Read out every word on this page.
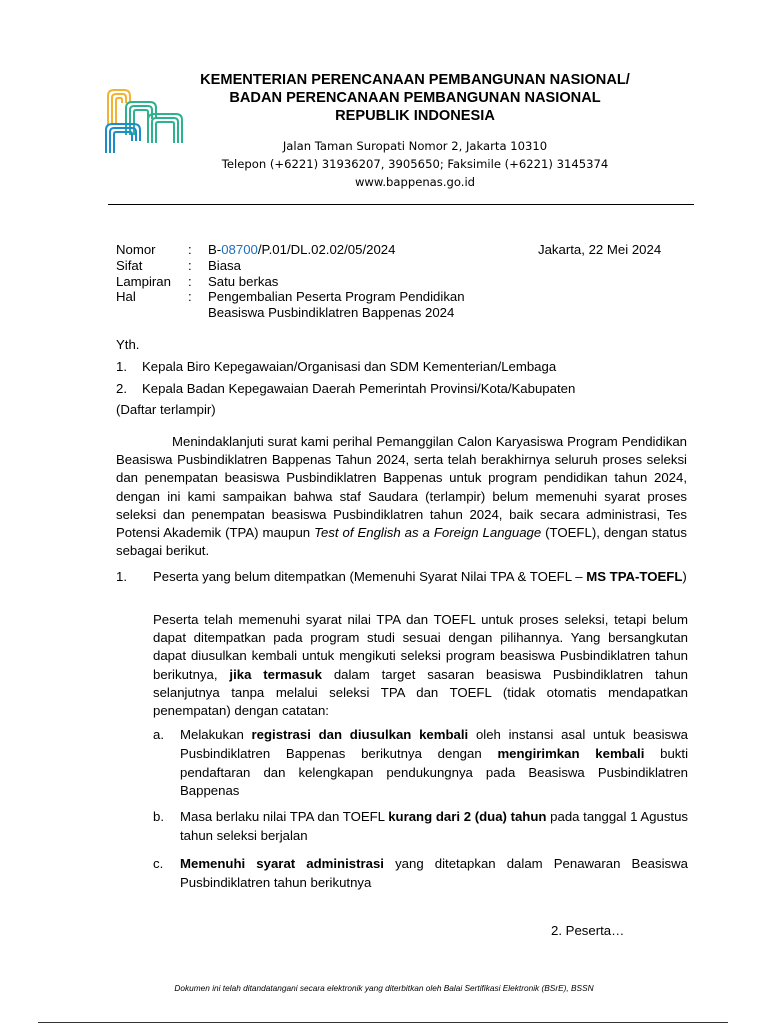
KEMENTERIAN PERENCANAAN PEMBANGUNAN NASIONAL/
BADAN PERENCANAAN PEMBANGUNAN NASIONAL
REPUBLIK INDONESIA
Jalan Taman Suropati Nomor 2, Jakarta 10310
Telepon (+6221) 31936207, 3905650; Faksimile (+6221) 3145374
www.bappenas.go.id
Nomor	:	B-08700/P.01/DL.02.02/05/2024
Sifat	:	Biasa
Lampiran	:	Satu berkas
Hal	:	Pengembalian Peserta Program Pendidikan
Beasiswa Pusbindiklatren Bappenas 2024
Jakarta, 22 Mei 2024
Yth.
1.	Kepala Biro Kepegawaian/Organisasi dan SDM Kementerian/Lembaga
2.	Kepala Badan Kepegawaian Daerah Pemerintah Provinsi/Kota/Kabupaten
(Daftar terlampir)
Menindaklanjuti surat kami perihal Pemanggilan Calon Karyasiswa Program Pendidikan Beasiswa Pusbindiklatren Bappenas Tahun 2024, serta telah berakhirnya seluruh proses seleksi dan penempatan beasiswa Pusbindiklatren Bappenas untuk program pendidikan tahun 2024, dengan ini kami sampaikan bahwa staf Saudara (terlampir) belum memenuhi syarat proses seleksi dan penempatan beasiswa Pusbindiklatren tahun 2024, baik secara administrasi, Tes Potensi Akademik (TPA) maupun Test of English as a Foreign Language (TOEFL), dengan status sebagai berikut.
1.	Peserta yang belum ditempatkan (Memenuhi Syarat Nilai TPA & TOEFL – MS TPA-TOEFL)
Peserta telah memenuhi syarat nilai TPA dan TOEFL untuk proses seleksi, tetapi belum dapat ditempatkan pada program studi sesuai dengan pilihannya. Yang bersangkutan dapat diusulkan kembali untuk mengikuti seleksi program beasiswa Pusbindiklatren tahun berikutnya, jika termasuk dalam target sasaran beasiswa Pusbindiklatren tahun selanjutnya tanpa melalui seleksi TPA dan TOEFL (tidak otomatis mendapatkan penempatan) dengan catatan:
a.	Melakukan registrasi dan diusulkan kembali oleh instansi asal untuk beasiswa Pusbindiklatren Bappenas berikutnya dengan mengirimkan kembali bukti pendaftaran dan kelengkapan pendukungnya pada Beasiswa Pusbindiklatren Bappenas
b.	Masa berlaku nilai TPA dan TOEFL kurang dari 2 (dua) tahun pada tanggal 1 Agustus tahun seleksi berjalan
c.	Memenuhi syarat administrasi yang ditetapkan dalam Penawaran Beasiswa Pusbindiklatren tahun berikutnya
2. Peserta…
Dokumen ini telah ditandatangani secara elektronik yang diterbitkan oleh Balai Sertifikasi Elektronik (BSrE), BSSN
